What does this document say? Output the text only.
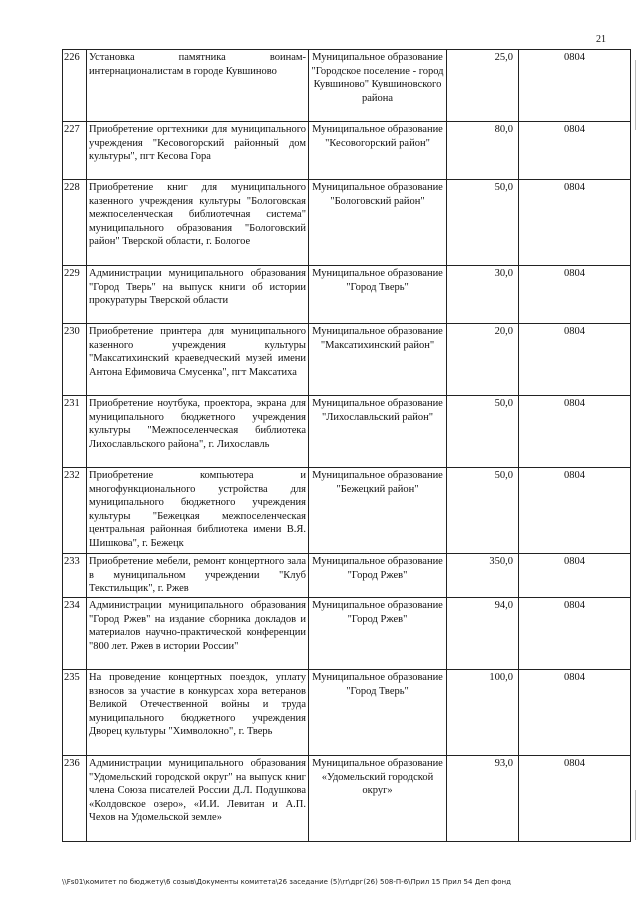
21
226	Установка памятника воинам-интернационалистам в городе Кувшиново	Муниципальное образование "Городское поселение - город Кувшиново" Кувшиновского района	25,0	0804
227	Приобретение оргтехники для муниципального учреждения "Кесовогорский районный дом культуры", пгт Кесова Гора	Муниципальное образование "Кесовогорский район"	80,0	0804
228	Приобретение книг для муниципального казенного учреждения культуры "Бологовская межпоселенческая библиотечная система" муниципального образования "Бологовский район" Тверской области, г. Бологое	Муниципальное образование "Бологовский район"	50,0	0804
229	Администрации муниципального образования "Город Тверь" на выпуск книги об истории прокуратуры Тверской области	Муниципальное образование "Город Тверь"	30,0	0804
230	Приобретение принтера для муниципального казенного учреждения культуры "Максатихинский краеведческий музей имени Антона Ефимовича Смусенка", пгт Максатиха	Муниципальное образование "Максатихинский район"	20,0	0804
231	Приобретение ноутбука, проектора, экрана для муниципального бюджетного учреждения культуры "Межпоселенческая библиотека Лихославльского района", г. Лихославль	Муниципальное образование "Лихославльский район"	50,0	0804
232	Приобретение компьютера и многофункционального устройства для муниципального бюджетного учреждения культуры "Бежецкая межпоселенческая центральная районная библиотека имени В.Я. Шишкова", г. Бежецк	Муниципальное образование "Бежецкий район"	50,0	0804
233	Приобретение мебели, ремонт концертного зала в муниципальном учреждении "Клуб Текстильщик", г. Ржев	Муниципальное образование "Город Ржев"	350,0	0804
234	Администрации муниципального образования "Город Ржев" на издание сборника докладов и материалов научно-практической конференции "800 лет. Ржев в истории России"	Муниципальное образование "Город Ржев"	94,0	0804
235	На проведение концертных поездок, уплату взносов за участие в конкурсах хора ветеранов Великой Отечественной войны и труда муниципального бюджетного учреждения Дворец культуры "Химволокно", г. Тверь	Муниципальное образование "Город Тверь"	100,0	0804
236	Администрации муниципального образования "Удомельский городской округ" на выпуск книг члена Союза писателей России Д.Л. Подушкова «Колдовское озеро», «И.И. Левитан и А.П. Чехов на Удомельской земле»	Муниципальное образование «Удомельский городской округ»	93,0	0804
\\Fs01\комитет по бюджету\6 созыв\Документы комитета\26 заседание (5)\rr\дрг(26) 508-П-6\Прил 15 Прил 54 Деп фонд
